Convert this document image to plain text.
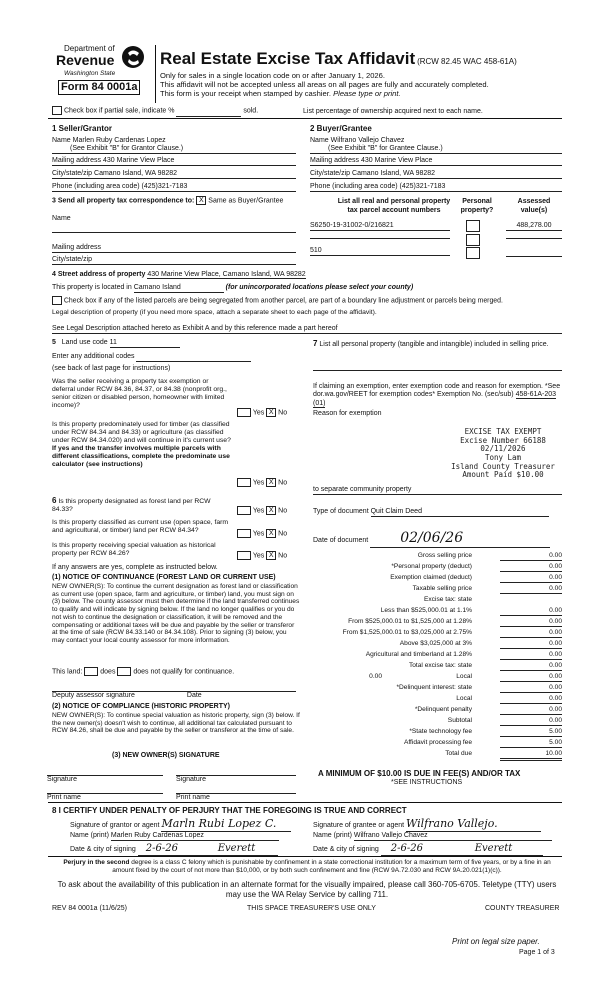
Department of
Revenue
Washington State
Form 84 0001a
Real Estate Excise Tax Affidavit (RCW 82.45 WAC 458-61A)
Only for sales in a single location code on or after January 1, 2026.
This affidavit will not be accepted unless all areas on all pages are fully and accurately completed.
This form is your receipt when stamped by cashier. Please type or print.
Check box if partial sale, indicate %	sold.	List percentage of ownership acquired next to each name.
1 Seller/Grantor
Name Marlen Ruby Cardenas Lopez
(See Exhibit "B" for Grantor Clause.)
Mailing address 430 Marine View Place
City/state/zip Camano Island, WA 98282
Phone (including area code) (425)321-7183
2 Buyer/Grantee
Name Wilfrano Vallejo Chavez
(See Exhibit "B" for Grantee Clause.)
Mailing address 430 Marine View Place
City/state/zip Camano Island, WA 98282
Phone (including area code) (425)321-7183
3 Send all property tax correspondence to: X Same as Buyer/Grantee
Name
Mailing address
City/state/zip
List all real and personal property
tax parcel account numbers
Personal
property?
Assessed
value(s)
S6250-19-31002-0/216821	488,278.00
510
4 Street address of property 430 Marine View Place, Camano Island, WA 98282
This property is located in Camano Island	(for unincorporated locations please select your county)
Check box if any of the listed parcels are being segregated from another parcel, are part of a boundary line adjustment or parcels being merged.
Legal description of property (if you need more space, attach a separate sheet to each page of the affidavit).
See Legal Description attached hereto as Exhibit A and by this reference made a part hereof
5 Land use code 11
Enter any additional codes
(see back of last page for instructions)
Was the seller receiving a property tax exemption or deferral under RCW 84.36, 84.37, or 84.38 (nonprofit org., senior citizen or disabled person, homeowner with limited income)?
Yes X No
Is this property predominately used for timber (as classified under RCW 84.34 and 84.33) or agriculture (as classified under RCW 84.34.020) and will continue in it's current use? If yes and the transfer involves multiple parcels with different classifications, complete the predominate use calculator (see instructions)
Yes X No
6 Is this property designated as forest land per RCW 84.33?	Yes X No
Is this property classified as current use (open space, farm and agricultural, or timber) land per RCW 84.34?	Yes X No
Is this property receiving special valuation as historical property per RCW 84.26?	Yes X No
If any answers are yes, complete as instructed below.
(1) NOTICE OF CONTINUANCE (FOREST LAND OR CURRENT USE)
NEW OWNER(S): To continue the current designation as forest land or classification as current use (open space, farm and agriculture, or timber) land, you must sign on (3) below. The county assessor must then determine if the land transferred continues to qualify and will indicate by signing below. If the land no longer qualifies or you do not wish to continue the designation or classification, it will be removed and the compensating or additional taxes will be due and payable by the seller or transferor at the time of sale (RCW 84.33.140 or 84.34.108). Prior to signing (3) below, you may contact your local county assessor for more information.
This land:	does	does not qualify for continuance.
Deputy assessor signature	Date
(2) NOTICE OF COMPLIANCE (HISTORIC PROPERTY)
NEW OWNER(S): To continue special valuation as historic property, sign (3) below. If the new owner(s) doesn't wish to continue, all additional tax calculated pursuant to RCW 84.26, shall be due and payable by the seller or transferor at the time of sale.
(3) NEW OWNER(S) SIGNATURE
Signature	Signature
Print name	Print name
7 List all personal property (tangible and intangible) included in selling price.
If claiming an exemption, enter exemption code and reason for exemption. *See dor.wa.gov/REET for exemption codes* Exemption No. (sec/sub) 458-61A-203 (01)
Reason for exemption
EXCISE TAX EXEMPT
Excise Number 66188
02/11/2026
Tony Lam
Island County Treasurer
Amount Paid $10.00
to separate community property
Type of document Quit Claim Deed
Date of document 02/06/26
Gross selling price	0.00
*Personal property (deduct)	0.00
Exemption claimed (deduct)	0.00
Taxable selling price	0.00
Excise tax: state
Less than $525,000.01 at 1.1%	0.00
From $525,000.01 to $1,525,000 at 1.28%	0.00
From $1,525,000.01 to $3,025,000 at 2.75%	0.00
Above $3,025,000 at 3%	0.00
Agricultural and timberland at 1.28%	0.00
Total excise tax: state	0.00
0.00	Local	0.00
*Delinquent interest: state	0.00
Local	0.00
*Delinquent penalty	0.00
Subtotal	0.00
*State technology fee	5.00
Affidavit processing fee	5.00
Total due	10.00
A MINIMUM OF $10.00 IS DUE IN FEE(S) AND/OR TAX
*SEE INSTRUCTIONS
8 I CERTIFY UNDER PENALTY OF PERJURY THAT THE FOREGOING IS TRUE AND CORRECT
Signature of grantor or agent Marln Rubi Lopez C.
Name (print) Marlen Ruby Cardenas Lopez
Date & city of signing 2-6-26	Everett
Signature of grantee or agent Wilfrano Vallejo.
Name (print) Wilfrano Vallejo Chavez
Date & city of signing 2-6-26	Everett
Perjury in the second degree is a class C felony which is punishable by confinement in a state correctional institution for a maximum term of five years, or by a fine in an amount fixed by the court of not more than $10,000, or by both such confinement and fine (RCW 9A.72.030 and RCW 9A.20.021(1)(c)).
To ask about the availability of this publication in an alternate format for the visually impaired, please call 360-705-6705. Teletype (TTY) users may use the WA Relay Service by calling 711.
REV 84 0001a (11/6/25)	THIS SPACE TREASURER'S USE ONLY	COUNTY TREASURER
Print on legal size paper.
Page 1 of 3
